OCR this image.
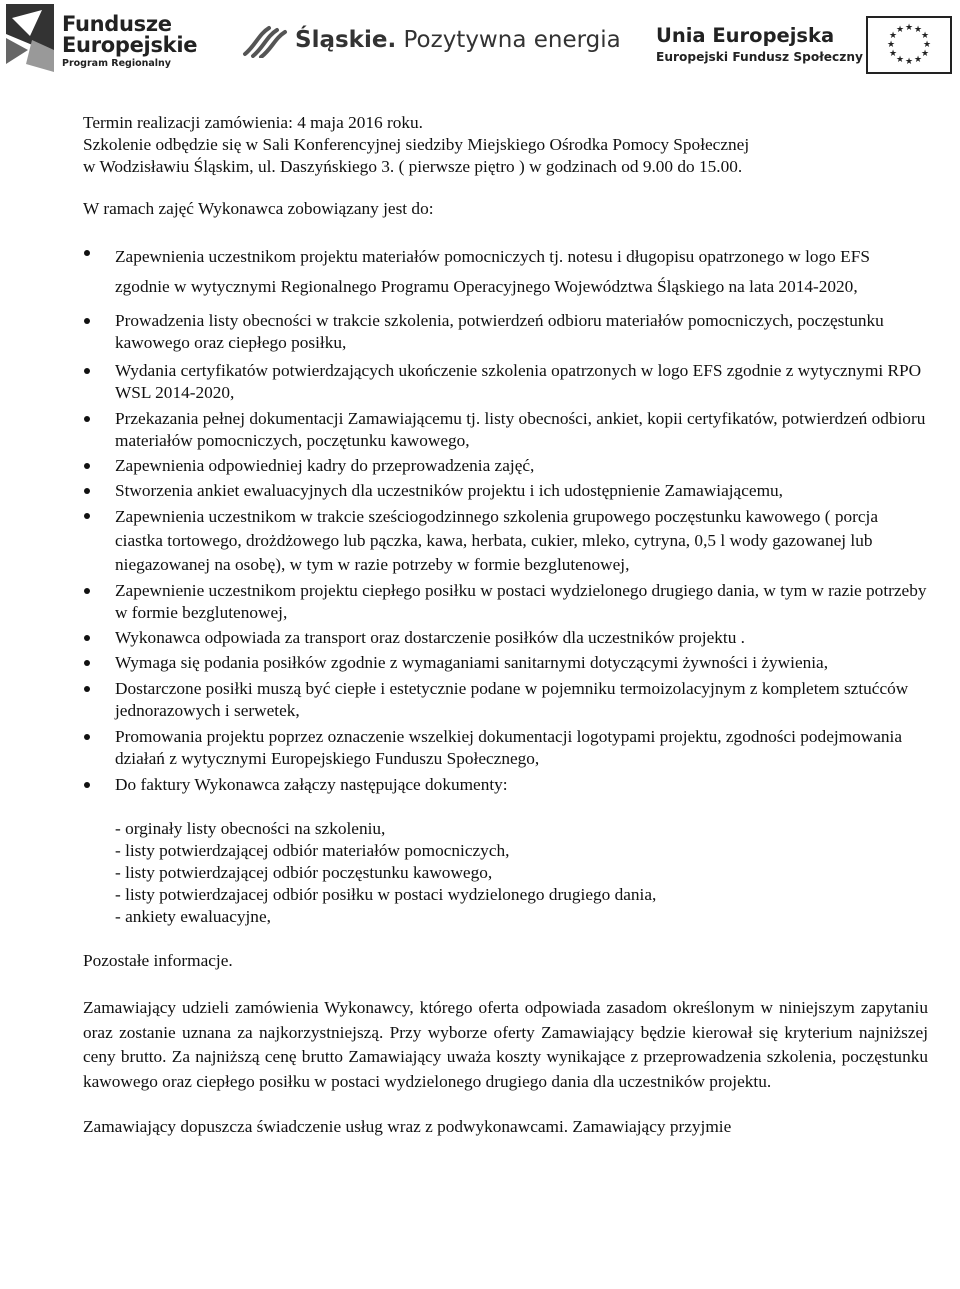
Fundusze
Europejskie
Program Regionalny
Śląskie. Pozytywna energia Unia Europejska
Europejski Fundusz Społeczny
★ ★
★
★
★
★
★
★
★
★
★
★

Termin realizacji zamówienia: 4 maja 2016 roku.

Szkolenie odbędzie się w Sali Konferencyjnej siedziby Miejskiego Ośrodka Pomocy Społecznej

w Wodzisławiu Śląskim, ul. Daszyńskiego 3. ( pierwsze piętro ) w godzinach od 9.00 do 15.00.

W ramach zajęć Wykonawca zobowiązany jest do:

Zapewnienia uczestnikom projektu materiałów pomocniczych tj. notesu i długopisu opatrzonego w logo EFS zgodnie w wytycznymi Regionalnego Programu Operacyjnego Województwa Śląskiego na lata 2014-2020,
Prowadzenia listy obecności w trakcie szkolenia, potwierdzeń odbioru materiałów pomocniczych, poczęstunku kawowego oraz ciepłego posiłku,
Wydania certyfikatów potwierdzających ukończenie szkolenia opatrzonych w logo EFS zgodnie z wytycznymi RPO WSL 2014-2020,
Przekazania pełnej dokumentacji Zamawiającemu tj. listy obecności, ankiet, kopii certyfikatów, potwierdzeń odbioru materiałów pomocniczych, poczętunku kawowego,
Zapewnienia odpowiedniej kadry do przeprowadzenia zajęć,
Stworzenia ankiet ewaluacyjnych dla uczestników projektu i ich udostępnienie Zamawiającemu,
Zapewnienia uczestnikom w trakcie sześciogodzinnego szkolenia grupowego poczęstunku kawowego ( porcja ciastka tortowego, drożdżowego lub pączka, kawa, herbata, cukier, mleko, cytryna, 0,5 l wody gazowanej lub niegazowanej na osobę), w tym w razie potrzeby w formie bezglutenowej,
Zapewnienie uczestnikom projektu ciepłego posiłku w postaci wydzielonego drugiego dania, w tym w razie potrzeby w formie bezglutenowej,
Wykonawca odpowiada za transport oraz dostarczenie posiłków dla uczestników projektu .
Wymaga się podania posiłków zgodnie z wymaganiami sanitarnymi dotyczącymi żywności i żywienia,
Dostarczone posiłki muszą być ciepłe i estetycznie podane w pojemniku termoizolacyjnym z kompletem sztućców jednorazowych i serwetek,
Promowania projektu poprzez oznaczenie wszelkiej dokumentacji logotypami projektu, zgodności podejmowania działań z wytycznymi Europejskiego Funduszu Społecznego,
Do faktury Wykonawca załączy następujące dokumenty:
- orginały listy obecności na szkoleniu,
- listy potwierdzającej odbiór materiałów pomocniczych,
- listy potwierdzającej odbiór poczęstunku kawowego,
- listy potwierdzajacej odbiór posiłku w postaci wydzielonego drugiego dania,
- ankiety ewaluacyjne,

Pozostałe informacje.

Zamawiający udzieli zamówienia Wykonawcy, którego oferta odpowiada zasadom określonym w niniejszym zapytaniu oraz zostanie uznana za najkorzystniejszą. Przy wyborze oferty Zamawiający będzie kierował się kryterium najniższej ceny brutto. Za najniższą cenę brutto Zamawiający uważa koszty wynikające z przeprowadzenia szkolenia, poczęstunku kawowego oraz ciepłego posiłku w postaci wydzielonego drugiego dania dla uczestników projektu.

Zamawiający dopuszcza świadczenie usług wraz z podwykonawcami. Zamawiający przyjmie
